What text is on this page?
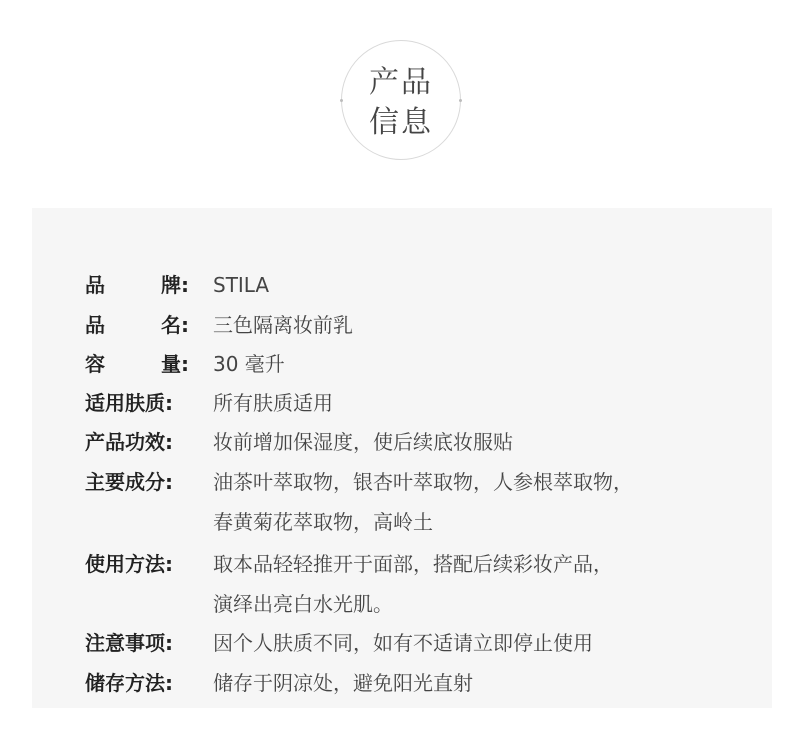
产品
信息
品	牌: STILA
品	名: 三色隔离妆前乳
容	量: 30 毫升
适用肤质:	所有肤质适用
产品功效:	妆前增加保湿度，使后续底妆服贴
主要成分:	油茶叶萃取物，银杏叶萃取物，人参根萃取物，
春黄菊花萃取物，高岭土
使用方法:	取本品轻轻推开于面部，搭配后续彩妆产品，
演绎出亮白水光肌。
注意事项:	因个人肤质不同，如有不适请立即停止使用
储存方法:	储存于阴凉处，避免阳光直射
